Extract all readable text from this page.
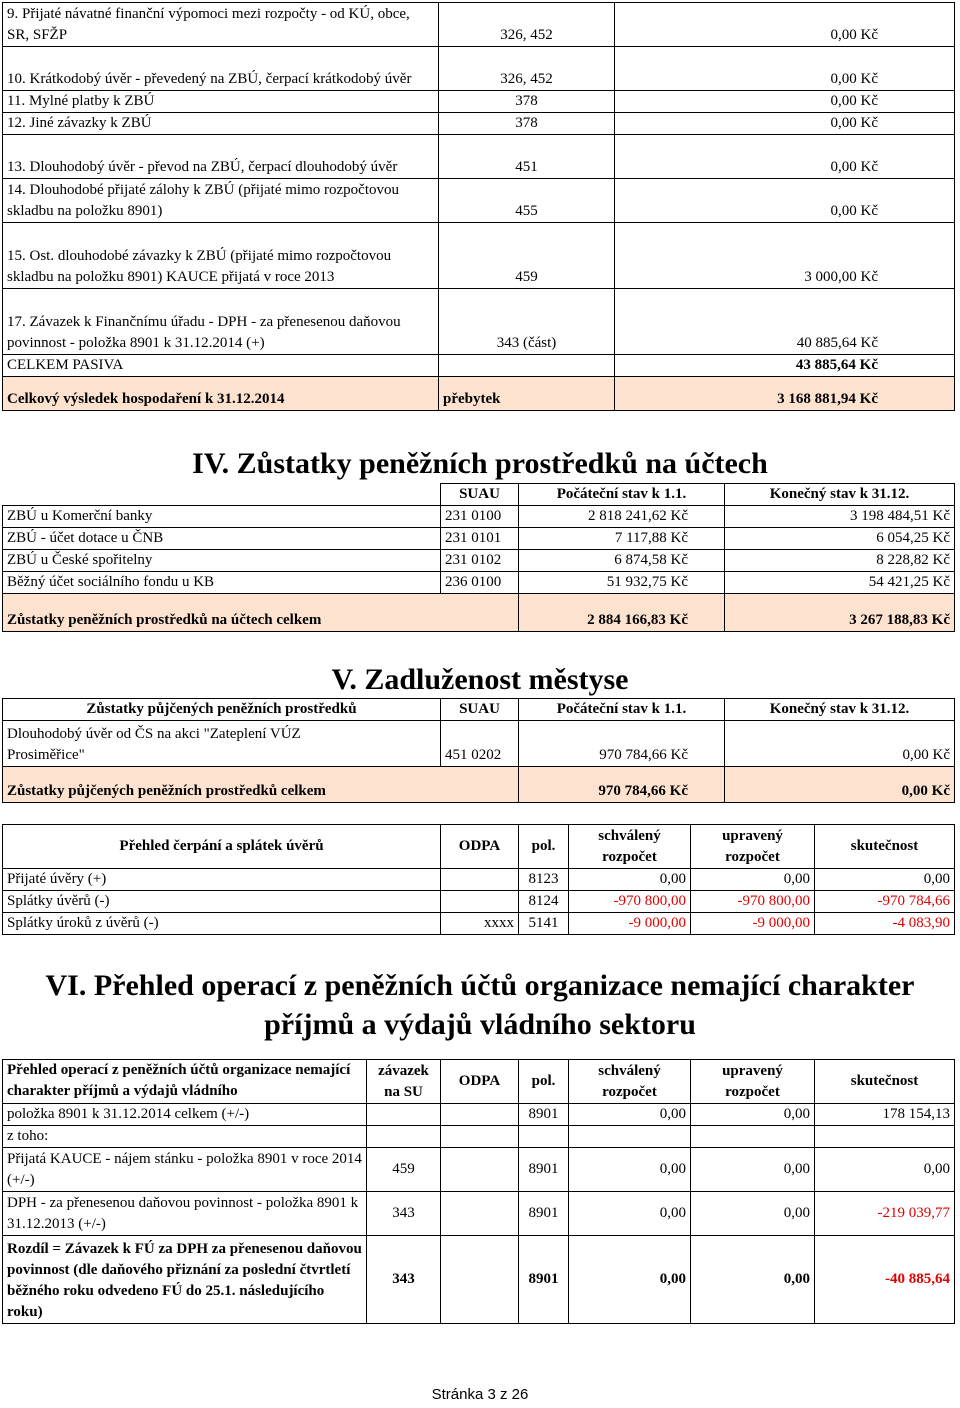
9. Přijaté návatné finanční výpomoci mezi rozpočty - od KÚ, obce, SR, SFŽP	326, 452	0,00 Kč
10. Krátkodobý úvěr - převedený na ZBÚ, čerpací krátkodobý úvěr	326, 452	0,00 Kč
11. Mylné platby k ZBÚ	378	0,00 Kč
12. Jiné závazky k ZBÚ	378	0,00 Kč
13. Dlouhodobý úvěr - převod na ZBÚ, čerpací dlouhodobý úvěr	451	0,00 Kč
14. Dlouhodobé přijaté zálohy k ZBÚ (přijaté mimo rozpočtovou skladbu na položku 8901)	455	0,00 Kč
15. Ost. dlouhodobé závazky k ZBÚ (přijaté mimo rozpočtovou skladbu na položku 8901) KAUCE přijatá v roce 2013	459	3 000,00 Kč
17. Závazek k Finančnímu úřadu - DPH - za přenesenou daňovou povinnost - položka 8901 k 31.12.2014 (+)	343 (část)	40 885,64 Kč
CELKEM PASIVA		43 885,64 Kč
Celkový výsledek hospodaření k 31.12.2014	přebytek	3 168 881,94 Kč
IV. Zůstatky peněžních prostředků na účtech
	SUAU	Počáteční stav k 1.1.	Konečný stav k 31.12.
ZBÚ u Komerční banky	231 0100	2 818 241,62 Kč	3 198 484,51 Kč
ZBÚ - účet dotace u ČNB	231 0101	7 117,88 Kč	6 054,25 Kč
ZBÚ u České spořitelny	231 0102	6 874,58 Kč	8 228,82 Kč
Běžný účet sociálního fondu u KB	236 0100	51 932,75 Kč	54 421,25 Kč
Zůstatky peněžních prostředků na účtech celkem		2 884 166,83 Kč	3 267 188,83 Kč
V. Zadluženost městyse
Zůstatky půjčených peněžních prostředků	SUAU	Počáteční stav k 1.1.	Konečný stav k 31.12.
Dlouhodobý úvěr od ČS na akci "Zateplení VÚZ Prosiměřice"	451 0202	970 784,66 Kč	0,00 Kč
Zůstatky půjčených peněžních prostředků celkem		970 784,66 Kč	0,00 Kč
Přehled čerpání a splátek úvěrů	ODPA	pol.	schválený rozpočet	upravený rozpočet	skutečnost
Přijaté úvěry (+)		8123	0,00	0,00	0,00
Splátky úvěrů (-)		8124	-970 800,00	-970 800,00	-970 784,66
Splátky úroků z úvěrů (-)	xxxx	5141	-9 000,00	-9 000,00	-4 083,90
VI. Přehled operací z peněžních účtů organizace nemající charakter
příjmů a výdajů vládního sektoru
Přehled operací z peněžních účtů organizace nemající charakter příjmů a výdajů vládního	závazek na SU	ODPA	pol.	schválený rozpočet	upravený rozpočet	skutečnost
položka 8901 k 31.12.2014 celkem (+/-)			8901	0,00	0,00	178 154,13
z toho:						
Přijatá KAUCE - nájem stánku - položka 8901 v roce 2014 (+/-)	459		8901	0,00	0,00	0,00
DPH - za přenesenou daňovou povinnost - položka 8901 k 31.12.2013 (+/-)	343		8901	0,00	0,00	-219 039,77
Rozdíl = Závazek k FÚ za DPH za přenesenou daňovou povinnost (dle daňového přiznání za poslední čtvrtletí běžného roku odvedeno FÚ do 25.1. následujícího roku)	343		8901	0,00	0,00	-40 885,64
Stránka 3 z 26
